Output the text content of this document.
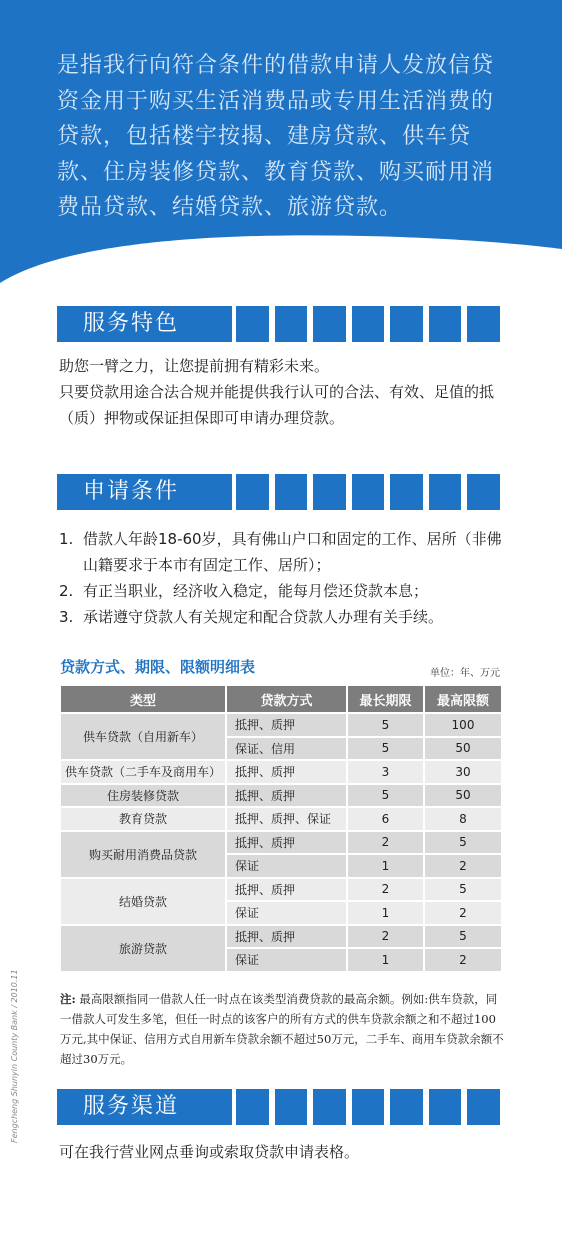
是指我行向符合条件的借款申请人发放信贷资金用于购买生活消费品或专用生活消费的贷款，包括楼宇按揭、建房贷款、供车贷款、住房装修贷款、教育贷款、购买耐用消费品贷款、结婚贷款、旅游贷款。
服务特色
助您一臂之力，让您提前拥有精彩未来。
只要贷款用途合法合规并能提供我行认可的合法、有效、足值的抵（质）押物或保证担保即可申请办理贷款。
申请条件
1. 借款人年龄18-60岁，具有佛山户口和固定的工作、居所（非佛山籍要求于本市有固定工作、居所）；
2. 有正当职业，经济收入稳定，能每月偿还贷款本息；
3. 承诺遵守贷款人有关规定和配合贷款人办理有关手续。
贷款方式、期限、限额明细表	单位：年、万元
类型	贷款方式	最长期限	最高限额
供车贷款（自用新车）	抵押、质押	5	100
	保证、信用	5	50
供车贷款（二手车及商用车）	抵押、质押	3	30
住房装修贷款	抵押、质押	5	50
教育贷款	抵押、质押、保证	6	8
购买耐用消费品贷款	抵押、质押	2	5
	保证	1	2
结婚贷款	抵押、质押	2	5
	保证	1	2
旅游贷款	抵押、质押	2	5
	保证	1	2
注: 最高限额指同一借款人任一时点在该类型消费贷款的最高余额。例如:供车贷款，同一借款人可发生多笔，但任一时点的该客户的所有方式的供车贷款余额之和不超过100万元,其中保证、信用方式自用新车贷款余额不超过50万元，二手车、商用车贷款余额不超过30万元。
Fengcheng Shunyin County Bank / 2010.11	服务渠道
可在我行营业网点垂询或索取贷款申请表格。
